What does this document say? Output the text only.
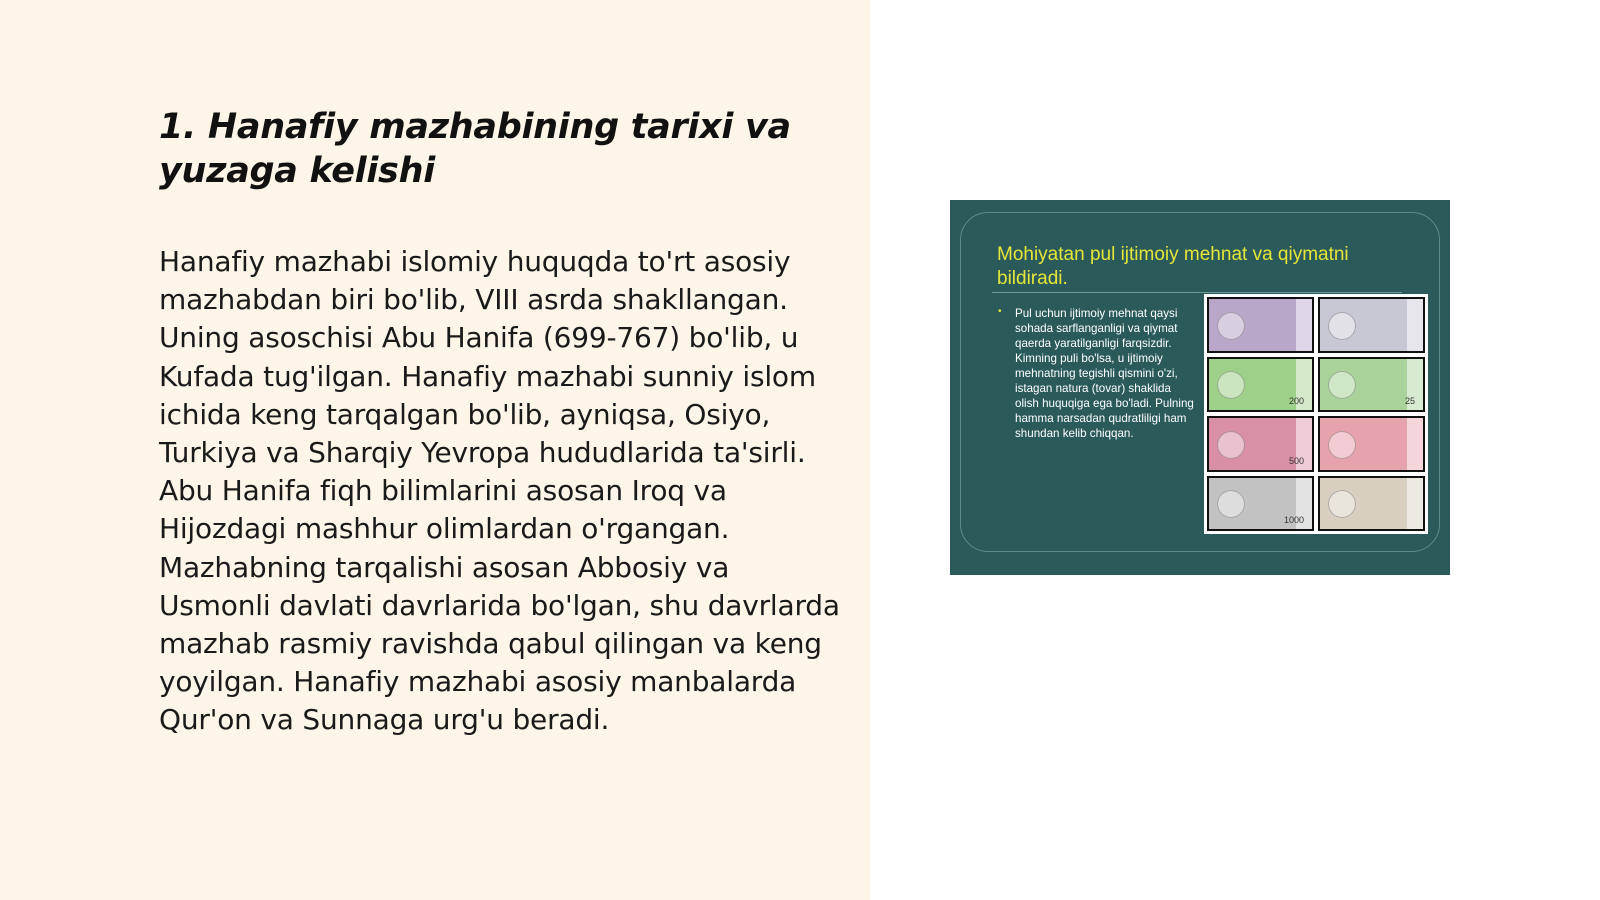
1. Hanafiy mazhabining tarixi va yuzaga kelishi

Hanafiy mazhabi islomiy huquqda to'rt asosiy mazhabdan biri bo'lib, VIII asrda shakllangan. Uning asoschisi Abu Hanifa (699-767) bo'lib, u Kufada tug'ilgan. Hanafiy mazhabi sunniy islom ichida keng tarqalgan bo'lib, ayniqsa, Osiyo, Turkiya va Sharqiy Yevropa hududlarida ta'sirli. Abu Hanifa fiqh bilimlarini asosan Iroq va Hijozdagi mashhur olimlardan o'rgangan. Mazhabning tarqalishi asosan Abbosiy va Usmonli davlati davrlarida bo'lgan, shu davrlarda mazhab rasmiy ravishda qabul qilingan va keng yoyilgan. Hanafiy mazhabi asosiy manbalarda Qur'on va Sunnaga urg'u beradi.

Mohiyatan pul ijtimoiy mehnat va qiymatni bildiradi.

• Pul uchun ijtimoiy mehnat qaysi sohada sarflanganligi va qiymat qaerda yaratilganligi farqsizdir. Kimning puli bo'lsa, u ijtimoiy mehnatning tegishli qismini o'zi, istagan natura (tovar) shaklida olish huquqiga ega bo'ladi. Pulning hamma narsadan qudratliligi ham shundan kelib chiqqan.

200	25
500
1000
